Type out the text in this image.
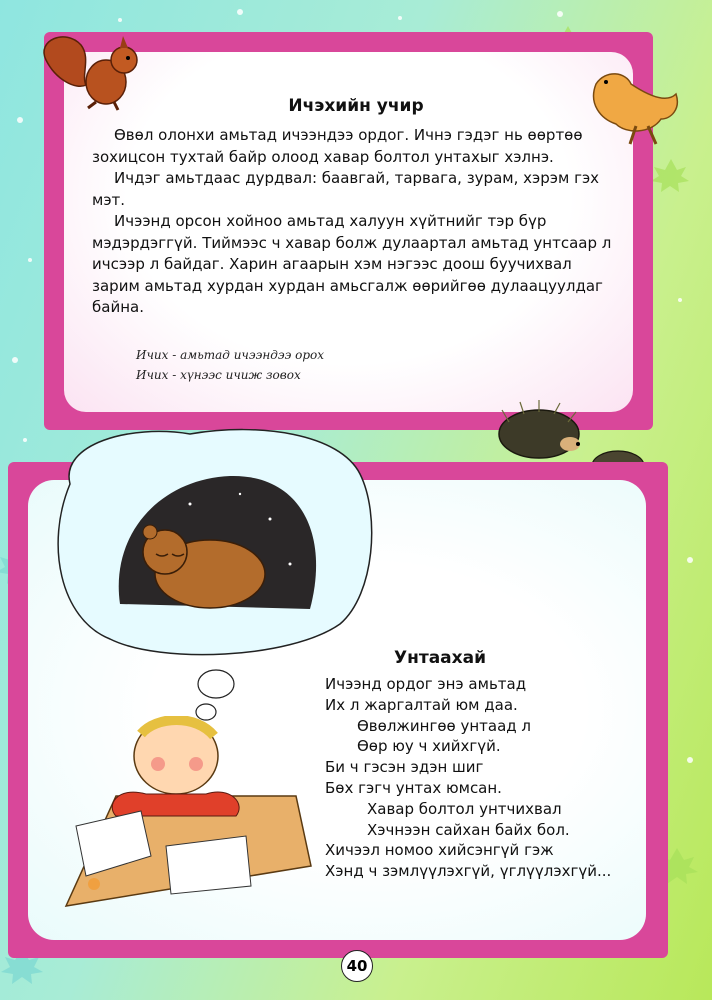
Ичэхийн учир

Өвөл олонхи амьтад ичээндээ ордог. Ичнэ гэдэг нь өөртөө зохицсон тухтай байр олоод хавар болтол унтахыг хэлнэ.

Ичдэг амьтдаас дурдвал: баавгай, тарвага, зурам, хэрэм гэх мэт.

Ичээнд орсон хойноо амьтад халуун хүйтнийг тэр бүр мэдэрдэггүй. Тиймээс ч хавар болж дулаартал амьтад унтсаар л ичсээр л байдаг. Харин агаарын хэм нэгээс доош буучихвал зарим амьтад хурдан хурдан амьсгалж өөрийгөө дулаацуулдаг байна.

Ичих - амьтад ичээндээ орох
Ичих - хүнээс ичиж зовох
Унтаахай
Ичээнд ордог энэ амьтад
Их л жаргалтай юм даа.
Өвөлжингөө унтаад л
Өөр юу ч хийхгүй.
Би ч гэсэн эдэн шиг
Бөх гэгч унтах юмсан.
Хавар болтол унтчихвал
Хэчнээн сайхан байх бол.
Хичээл номоо хийсэнгүй гэж
Хэнд ч зэмлүүлэхгүй, үглүүлэхгүй...
40
